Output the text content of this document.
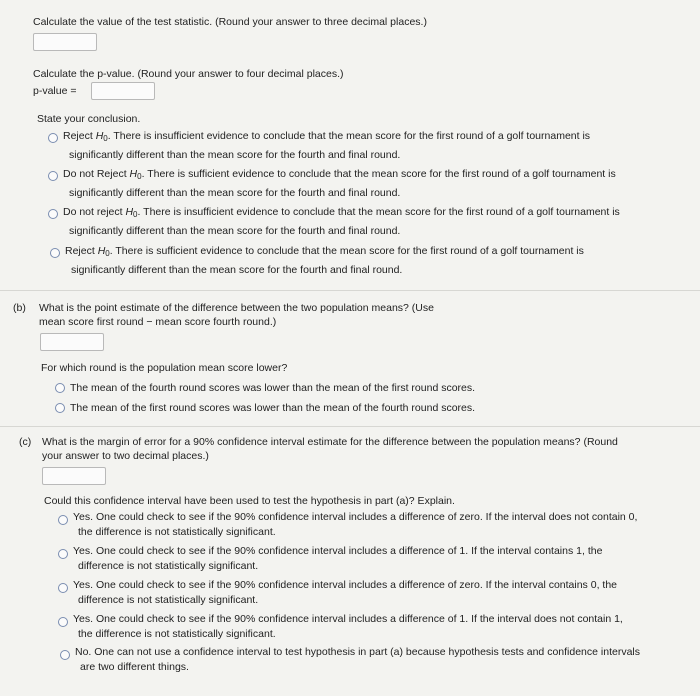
Calculate the value of the test statistic. (Round your answer to three decimal places.)
Calculate the p-value. (Round your answer to four decimal places.)
p-value =
State your conclusion.
Reject $H_0$. There is insufficient evidence to conclude that the mean score for the first round of a golf tournament is
significantly different than the mean score for the fourth and final round.
Do not Reject $H_0$. There is sufficient evidence to conclude that the mean score for the first round of a golf tournament is
significantly different than the mean score for the fourth and final round.
Do not reject $H_0$. There is insufficient evidence to conclude that the mean score for the first round of a golf tournament is
significantly different than the mean score for the fourth and final round.
Reject $H_0$. There is sufficient evidence to conclude that the mean score for the first round of a golf tournament is
significantly different than the mean score for the fourth and final round.
(b) What is the point estimate of the difference between the two population means? (Use
mean score first round − mean score fourth round.)
For which round is the population mean score lower?
The mean of the fourth round scores was lower than the mean of the first round scores.
The mean of the first round scores was lower than the mean of the fourth round scores.
(c) What is the margin of error for a 90% confidence interval estimate for the difference between the population means? (Round
your answer to two decimal places.)
Could this confidence interval have been used to test the hypothesis in part (a)? Explain.
Yes. One could check to see if the 90% confidence interval includes a difference of zero. If the interval does not contain 0,
the difference is not statistically significant.
Yes. One could check to see if the 90% confidence interval includes a difference of 1. If the interval contains 1, the
difference is not statistically significant.
Yes. One could check to see if the 90% confidence interval includes a difference of zero. If the interval contains 0, the
difference is not statistically significant.
Yes. One could check to see if the 90% confidence interval includes a difference of 1. If the interval does not contain 1,
the difference is not statistically significant.
No. One can not use a confidence interval to test hypothesis in part (a) because hypothesis tests and confidence intervals
are two different things.
